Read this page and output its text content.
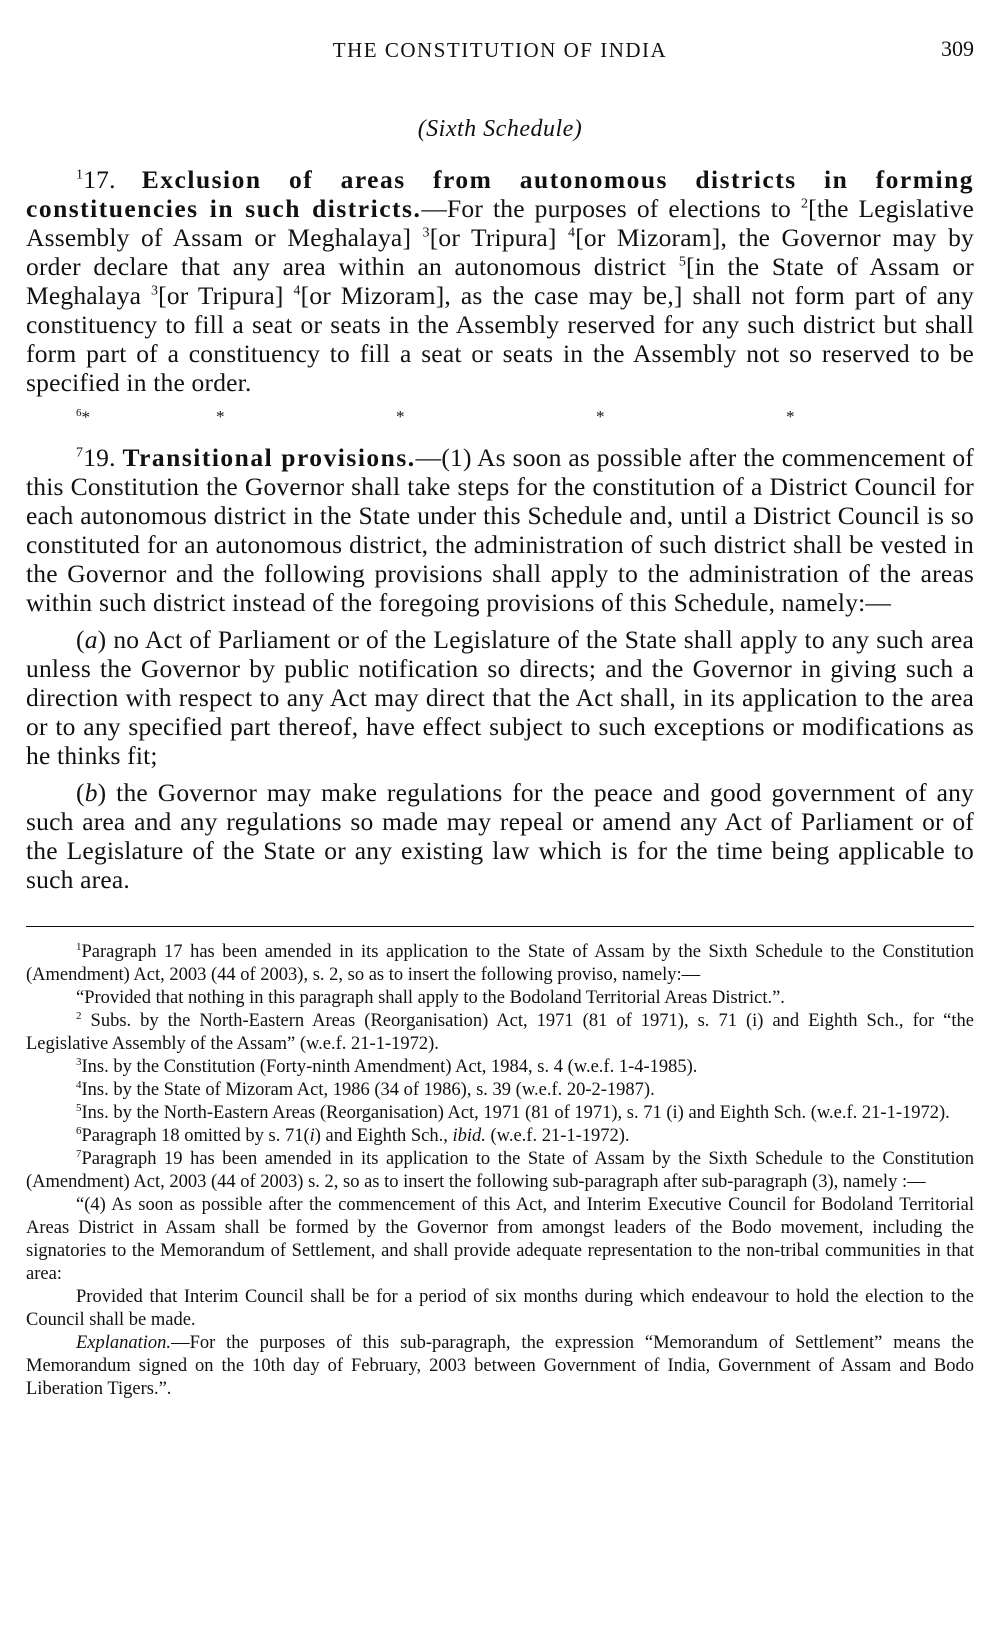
THE CONSTITUTION OF INDIA	309
(Sixth Schedule)

$^1$17. Exclusion of areas from autonomous districts in forming constituencies in such districts.—For the purposes of elections to $^2$[the Legislative Assembly of Assam or Meghalaya] $^3$[or Tripura] $^4$[or Mizoram], the Governor may by order declare that any area within an autonomous district $^5$[in the State of Assam or Meghalaya $^3$[or Tripura] $^4$[or Mizoram], as the case may be,] shall not form part of any constituency to fill a seat or seats in the Assembly reserved for any such district but shall form part of a constituency to fill a seat or seats in the Assembly not so reserved to be specified in the order.

$^6$*	*	*	*	*

$^7$19. Transitional provisions.—(1) As soon as possible after the commencement of this Constitution the Governor shall take steps for the constitution of a District Council for each autonomous district in the State under this Schedule and, until a District Council is so constituted for an autonomous district, the administration of such district shall be vested in the Governor and the following provisions shall apply to the administration of the areas within such district instead of the foregoing provisions of this Schedule, namely:—

(a) no Act of Parliament or of the Legislature of the State shall apply to any such area unless the Governor by public notification so directs; and the Governor in giving such a direction with respect to any Act may direct that the Act shall, in its application to the area or to any specified part thereof, have effect subject to such exceptions or modifications as he thinks fit;

(b) the Governor may make regulations for the peace and good government of any such area and any regulations so made may repeal or amend any Act of Parliament or of the Legislature of the State or any existing law which is for the time being applicable to such area.

$^1$Paragraph 17 has been amended in its application to the State of Assam by the Sixth Schedule to the Constitution (Amendment) Act, 2003 (44 of 2003), s. 2, so as to insert the following proviso, namely:—

“Provided that nothing in this paragraph shall apply to the Bodoland Territorial Areas District.”.

$^2$ Subs. by the North-Eastern Areas (Reorganisation) Act, 1971 (81 of 1971), s. 71 (i) and Eighth Sch., for “the Legislative Assembly of the Assam” (w.e.f. 21-1-1972).

$^3$Ins. by the Constitution (Forty-ninth Amendment) Act, 1984, s. 4 (w.e.f. 1-4-1985).

$^4$Ins. by the State of Mizoram Act, 1986 (34 of 1986), s. 39 (w.e.f. 20-2-1987).

$^5$Ins. by the North-Eastern Areas (Reorganisation) Act, 1971 (81 of 1971), s. 71 (i) and Eighth Sch. (w.e.f. 21-1-1972).

$^6$Paragraph 18 omitted by s. 71(i) and Eighth Sch., ibid. (w.e.f. 21-1-1972).

$^7$Paragraph 19 has been amended in its application to the State of Assam by the Sixth Schedule to the Constitution (Amendment) Act, 2003 (44 of 2003) s. 2, so as to insert the following sub-paragraph after sub-paragraph (3), namely :—

“(4) As soon as possible after the commencement of this Act, and Interim Executive Council for Bodoland Territorial Areas District in Assam shall be formed by the Governor from amongst leaders of the Bodo movement, including the signatories to the Memorandum of Settlement, and shall provide adequate representation to the non-tribal communities in that area:

Provided that Interim Council shall be for a period of six months during which endeavour to hold the election to the Council shall be made.

Explanation.—For the purposes of this sub-paragraph, the expression “Memorandum of Settlement” means the Memorandum signed on the 10th day of February, 2003 between Government of India, Government of Assam and Bodo Liberation Tigers.”.
